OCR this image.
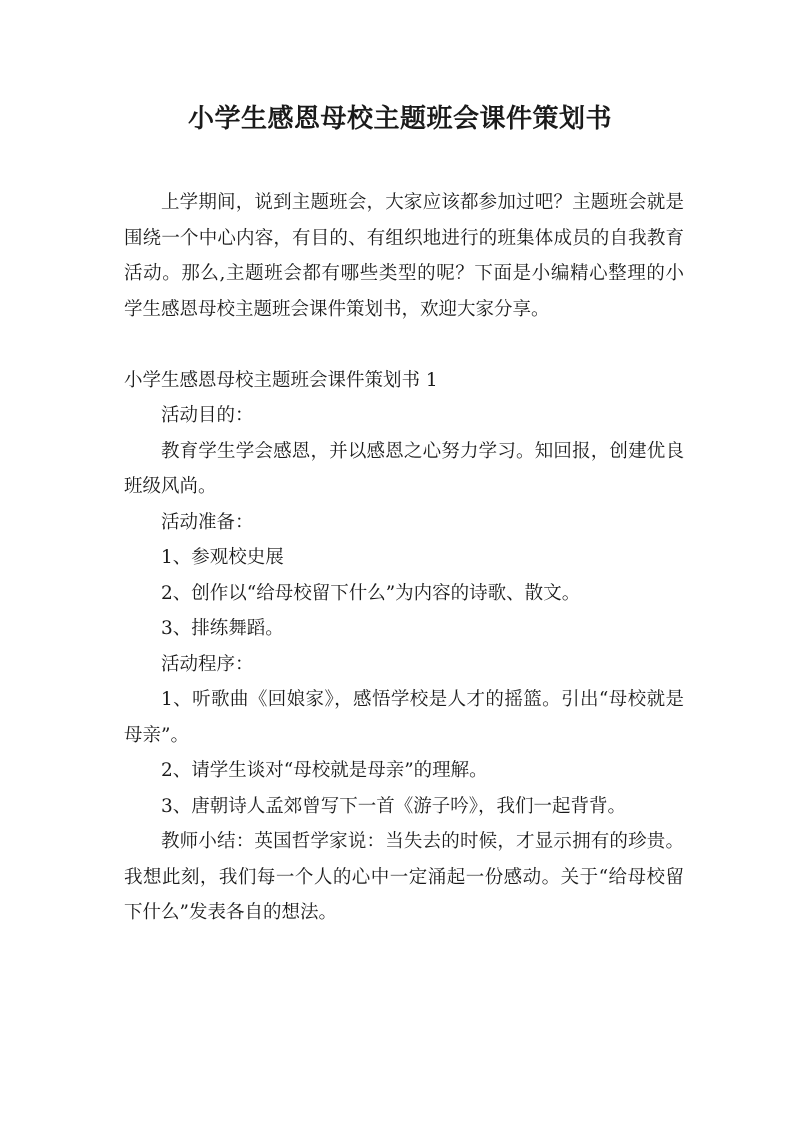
小学生感恩母校主题班会课件策划书

上学期间，说到主题班会，大家应该都参加过吧？主题班会就是围绕一个中心内容，有目的、有组织地进行的班集体成员的自我教育活动。那么,主题班会都有哪些类型的呢？下面是小编精心整理的小学生感恩母校主题班会课件策划书，欢迎大家分享。

小学生感恩母校主题班会课件策划书 1

活动目的：

教育学生学会感恩，并以感恩之心努力学习。知回报，创建优良班级风尚。

活动准备：

1、参观校史展

2、创作以“给母校留下什么”为内容的诗歌、散文。

3、排练舞蹈。

活动程序：

1、听歌曲《回娘家》，感悟学校是人才的摇篮。引出“母校就是母亲”。

2、请学生谈对“母校就是母亲”的理解。

3、唐朝诗人孟郊曾写下一首《游子吟》，我们一起背背。

教师小结：英国哲学家说：当失去的时候，才显示拥有的珍贵。我想此刻，我们每一个人的心中一定涌起一份感动。关于“给母校留下什么”发表各自的想法。
